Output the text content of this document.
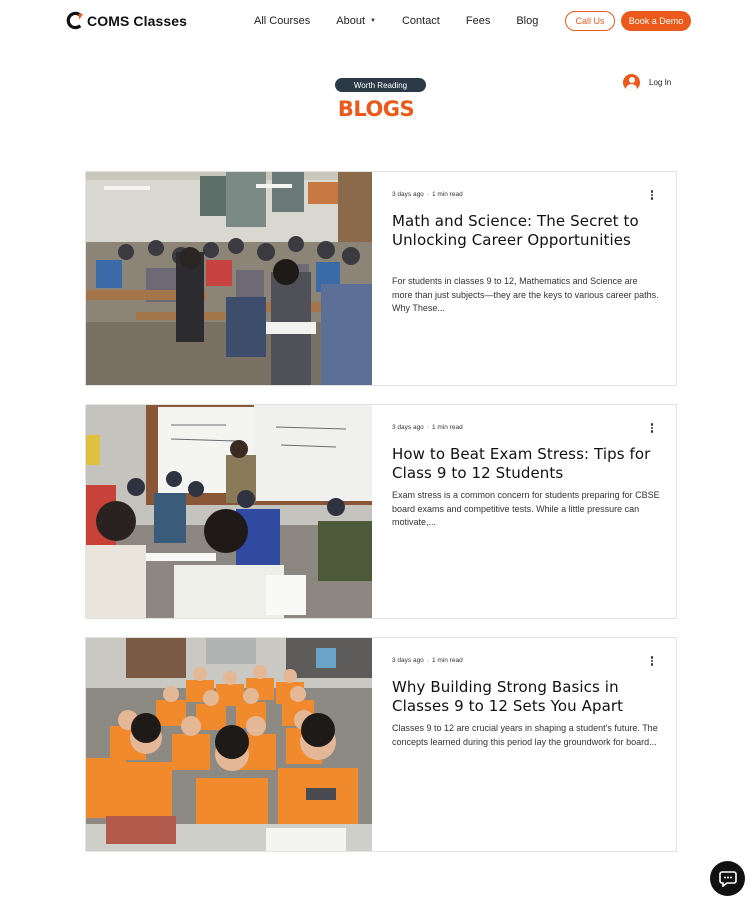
COMS Classes	All Courses About ▼ Contact Fees Blog	Call Us	Book a Demo
Worth Reading
BLOGS
Log In
3 days ago · 1 min read
Math and Science: The Secret to Unlocking Career Opportunities
For students in classes 9 to 12, Mathematics and Science are more than just subjects—they are the keys to various career paths. Why These...
3 days ago · 1 min read
How to Beat Exam Stress: Tips for Class 9 to 12 Students
Exam stress is a common concern for students preparing for CBSE board exams and competitive tests. While a little pressure can motivate,...
3 days ago · 1 min read
Why Building Strong Basics in Classes 9 to 12 Sets You Apart
Classes 9 to 12 are crucial years in shaping a student's future. The concepts learned during this period lay the groundwork for board...
